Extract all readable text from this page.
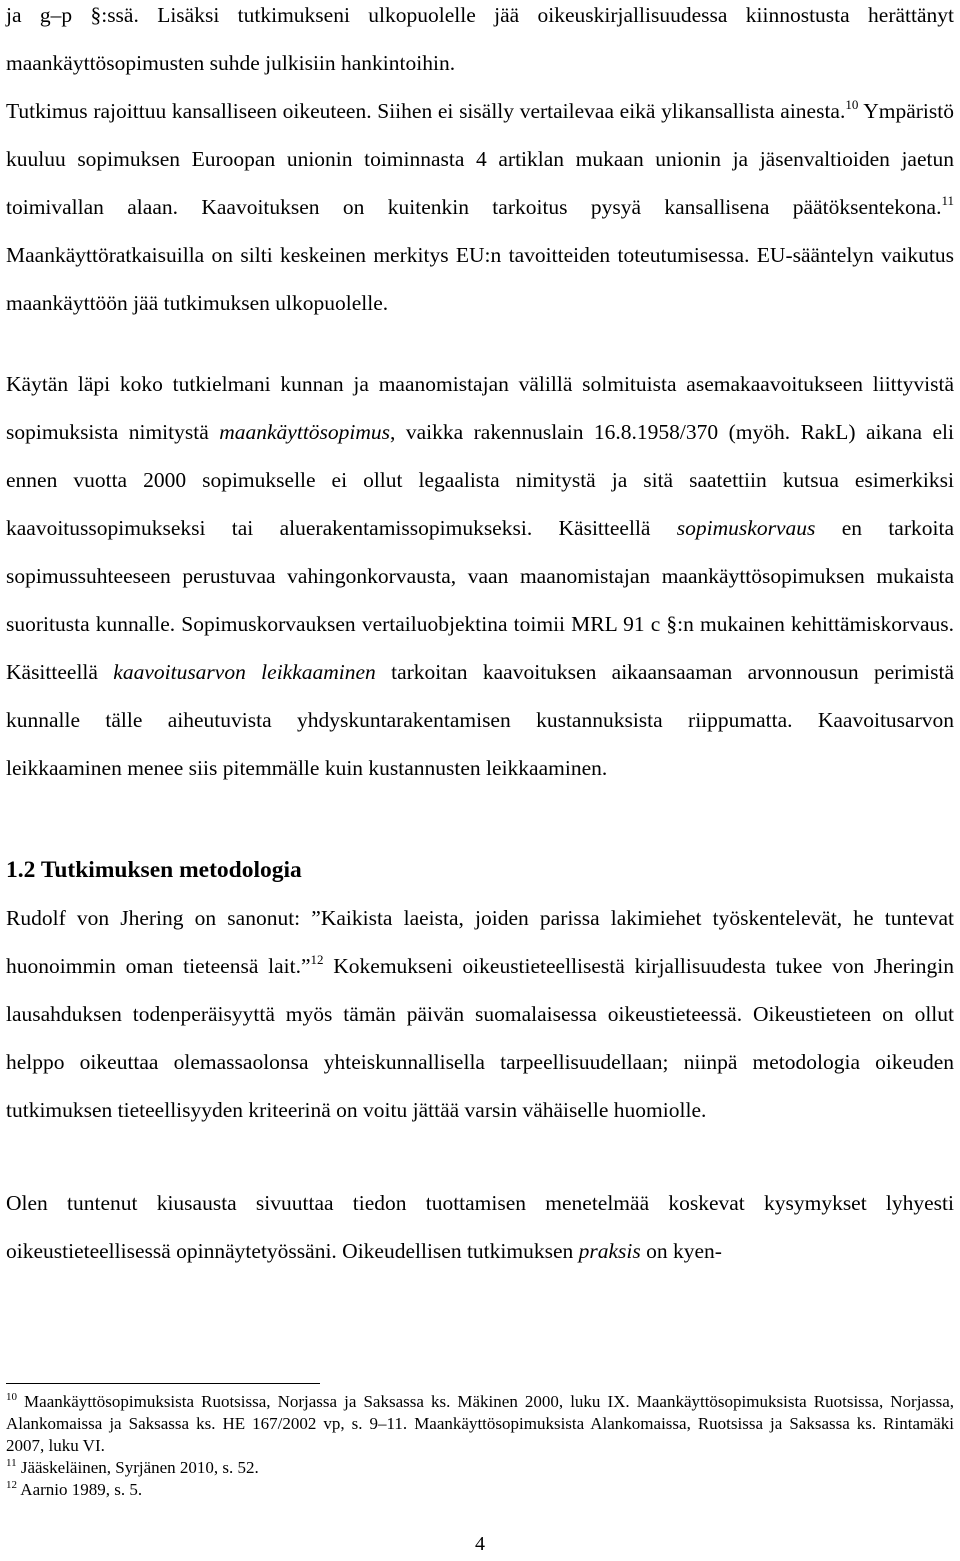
ja g–p §:ssä. Lisäksi tutkimukseni ulkopuolelle jää oikeuskirjallisuudessa kiinnostusta herättänyt maankäyttösopimusten suhde julkisiin hankintoihin.

Tutkimus rajoittuu kansalliseen oikeuteen. Siihen ei sisälly vertailevaa eikä ylikansallista ainesta.$^{10}$ Ympäristö kuuluu sopimuksen Euroopan unionin toiminnasta 4 artiklan mukaan unionin ja jäsenvaltioiden jaetun toimivallan alaan. Kaavoituksen on kuitenkin tarkoitus pysyä kansallisena päätöksentekona.$^{11}$ Maankäyttöratkaisuilla on silti keskeinen merkitys EU:n tavoitteiden toteutumisessa. EU-sääntelyn vaikutus maankäyttöön jää tutkimuksen ulkopuolelle.

Käytän läpi koko tutkielmani kunnan ja maanomistajan välillä solmituista asemakaavoitukseen liittyvistä sopimuksista nimitystä maankäyttösopimus, vaikka rakennuslain 16.8.1958/370 (myöh. RakL) aikana eli ennen vuotta 2000 sopimukselle ei ollut legaalista nimitystä ja sitä saatettiin kutsua esimerkiksi kaavoitussopimukseksi tai aluerakentamissopimukseksi. Käsitteellä sopimuskorvaus en tarkoita sopimussuhteeseen perustuvaa vahingonkorvausta, vaan maanomistajan maankäyttösopimuksen mukaista suoritusta kunnalle. Sopimuskorvauksen vertailuobjektina toimii MRL 91 c §:n mukainen kehittämiskorvaus. Käsitteellä kaavoitusarvon leikkaaminen tarkoitan kaavoituksen aikaansaaman arvonnousun perimistä kunnalle tälle aiheutuvista yhdyskuntarakentamisen kustannuksista riippumatta. Kaavoitusarvon leikkaaminen menee siis pitemmälle kuin kustannusten leikkaaminen.

1.2 Tutkimuksen metodologia

Rudolf von Jhering on sanonut: ”Kaikista laeista, joiden parissa lakimiehet työskentelevät, he tuntevat huonoimmin oman tieteensä lait.”$^{12}$ Kokemukseni oikeustieteellisestä kirjallisuudesta tukee von Jheringin lausahduksen todenperäisyyttä myös tämän päivän suomalaisessa oikeustieteessä. Oikeustieteen on ollut helppo oikeuttaa olemassaolonsa yhteiskunnallisella tarpeellisuudellaan; niinpä metodologia oikeuden tutkimuksen tieteellisyyden kriteerinä on voitu jättää varsin vähäiselle huomiolle.

Olen tuntenut kiusausta sivuuttaa tiedon tuottamisen menetelmää koskevat kysymykset lyhyesti oikeustieteellisessä opinnäytetyössäni. Oikeudellisen tutkimuksen praksis on kyen-

$^{10}$ Maankäyttösopimuksista Ruotsissa, Norjassa ja Saksassa ks. Mäkinen 2000, luku IX. Maankäyttösopimuksista Ruotsissa, Norjassa, Alankomaissa ja Saksassa ks. HE 167/2002 vp, s. 9–11. Maankäyttösopimuksista Alankomaissa, Ruotsissa ja Saksassa ks. Rintamäki 2007, luku VI.

$^{11}$ Jääskeläinen, Syrjänen 2010, s. 52.

$^{12}$ Aarnio 1989, s. 5.

4
